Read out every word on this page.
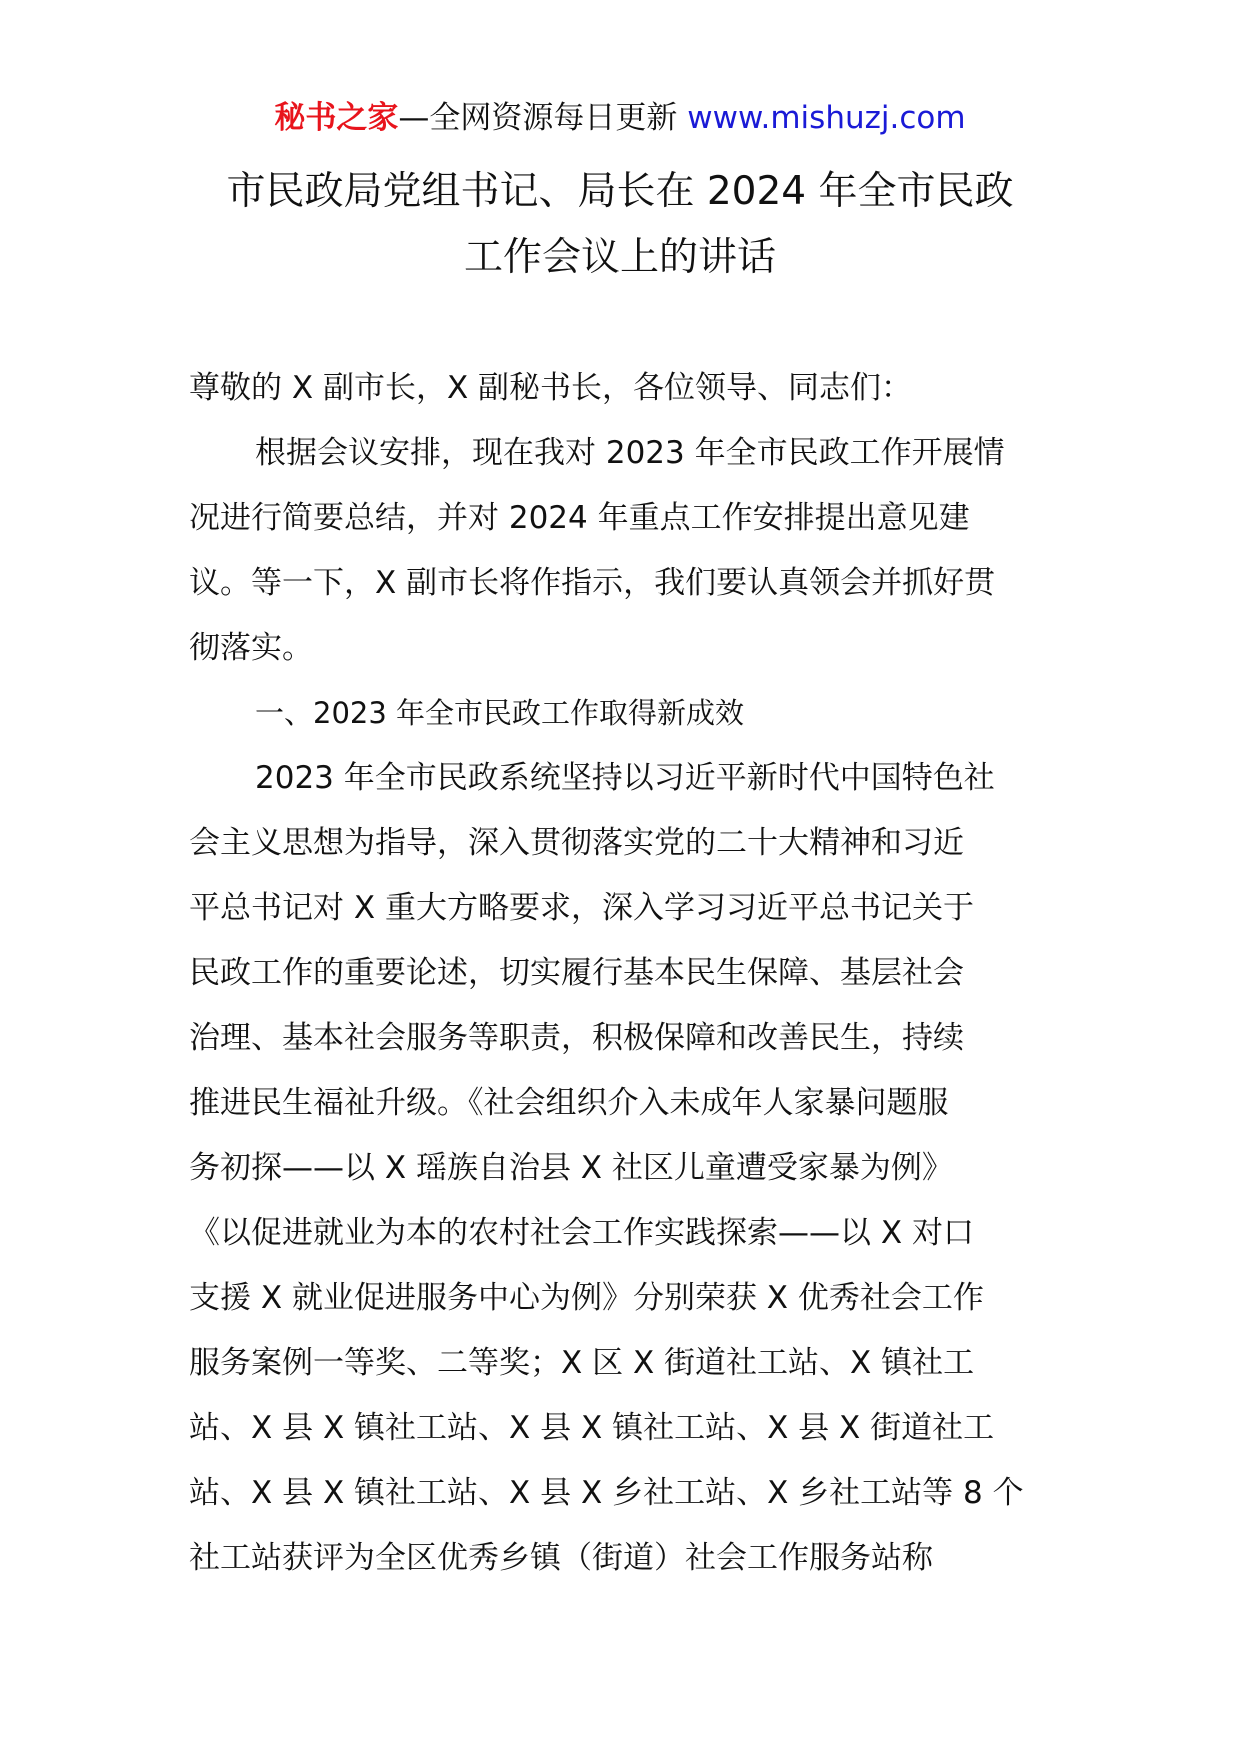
秘书之家—全网资源每日更新 www.mishuzj.com
市民政局党组书记、局长在 2024 年全市民政
工作会议上的讲话
尊敬的 X 副市长，X 副秘书长，各位领导、同志们：
根据会议安排，现在我对 2023 年全市民政工作开展情
况进行简要总结，并对 2024 年重点工作安排提出意见建
议。等一下，X 副市长将作指示，我们要认真领会并抓好贯
彻落实。
一、2023 年全市民政工作取得新成效
2023 年全市民政系统坚持以习近平新时代中国特色社
会主义思想为指导，深入贯彻落实党的二十大精神和习近
平总书记对 X 重大方略要求，深入学习习近平总书记关于
民政工作的重要论述，切实履行基本民生保障、基层社会
治理、基本社会服务等职责，积极保障和改善民生，持续
推进民生福祉升级。《社会组织介入未成年人家暴问题服
务初探——以 X 瑶族自治县 X 社区儿童遭受家暴为例》
《以促进就业为本的农村社会工作实践探索——以 X 对口
支援 X 就业促进服务中心为例》分别荣获 X 优秀社会工作
服务案例一等奖、二等奖；X 区 X 街道社工站、X 镇社工
站、X 县 X 镇社工站、X 县 X 镇社工站、X 县 X 街道社工
站、X 县 X 镇社工站、X 县 X 乡社工站、X 乡社工站等 8 个
社工站获评为全区优秀乡镇（街道）社会工作服务站称
